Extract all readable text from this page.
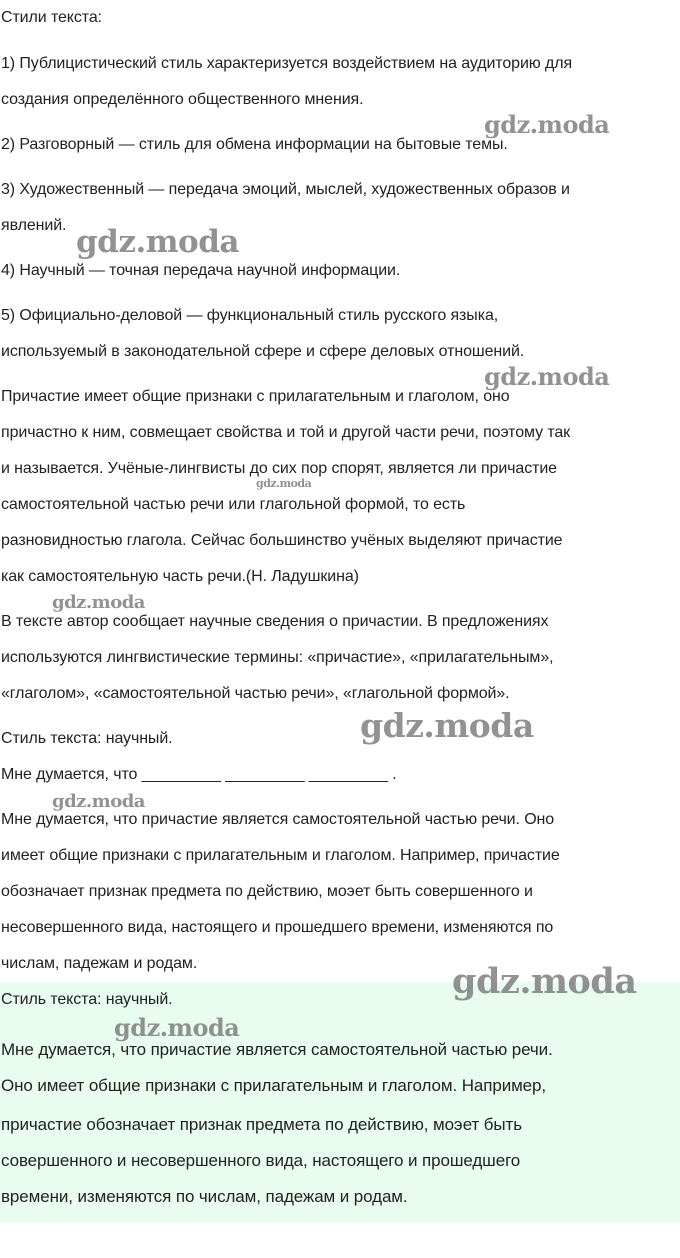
Стили текста:
1) Публицистический стиль характеризуется воздействием на аудиторию для
создания определённого общественного мнения.
2) Разговорный — стиль для обмена информации на бытовые темы.
3) Художественный — передача эмоций, мыслей, художественных образов и
явлений.
4) Научный — точная передача научной информации.
5) Официально-деловой — функциональный стиль русского языка,
используемый в законодательной сфере и сфере деловых отношений.
Причастие имеет общие признаки с прилагательным и глаголом, оно
причастно к ним, совмещает свойства и той и другой части речи, поэтому так
и называется. Учёные-лингвисты до сих пор спорят, является ли причастие
самостоятельной частью речи или глагольной формой, то есть
разновидностью глагола. Сейчас большинство учёных выделяют причастие
как самостоятельную часть речи.(Н. Ладушкина)
В тексте автор сообщает научные сведения о причастии. В предложениях
используются лингвистические термины: «причастие», «прилагательным»,
«глаголом», «самостоятельной частью речи», «глагольной формой».
Стиль текста: научный.
Мне думается, что _________ _________ _________ .
Мне думается, что причастие является самостоятельной частью речи. Оно
имеет общие признаки с прилагательным и глаголом. Например, причастие
обозначает признак предмета по действию, моэет быть совершенного и
несовершенного вида, настоящего и прошедшего времени, изменяются по
числам, падежам и родам.
Стиль текста: научный.
Мне думается, что причастие является самостоятельной частью речи.
Оно имеет общие признаки с прилагательным и глаголом. Например,
причастие обозначает признак предмета по действию, моэет быть
совершенного и несовершенного вида, настоящего и прошедшего
времени, изменяются по числам, падежам и родам.
gdz.moda
gdz.moda
gdz.moda
gdz.moda
gdz.moda
gdz.moda
gdz.moda
gdz.moda
gdz.moda
